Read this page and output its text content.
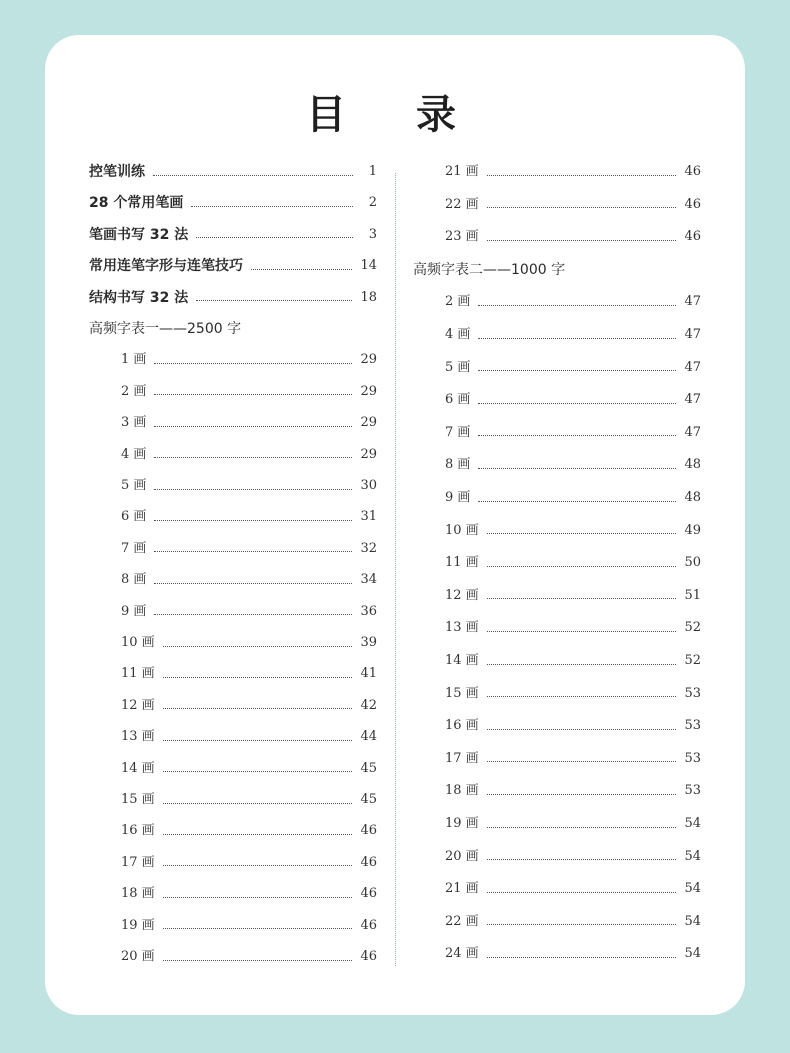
目 录
控笔训练	1
28 个常用笔画	2
笔画书写 32 法	3
常用连笔字形与连笔技巧	14
结构书写 32 法	18
高频字表一——2500 字
1 画	29
2 画	29
3 画	29
4 画	29
5 画	30
6 画	31
7 画	32
8 画	34
9 画	36
10 画	39
11 画	41
12 画	42
13 画	44
14 画	45
15 画	45
16 画	46
17 画	46
18 画	46
19 画	46
20 画	46
21 画	46
22 画	46
23 画	46
高频字表二——1000 字
2 画	47
4 画	47
5 画	47
6 画	47
7 画	47
8 画	48
9 画	48
10 画	49
11 画	50
12 画	51
13 画	52
14 画	52
15 画	53
16 画	53
17 画	53
18 画	53
19 画	54
20 画	54
21 画	54
22 画	54
24 画	54
